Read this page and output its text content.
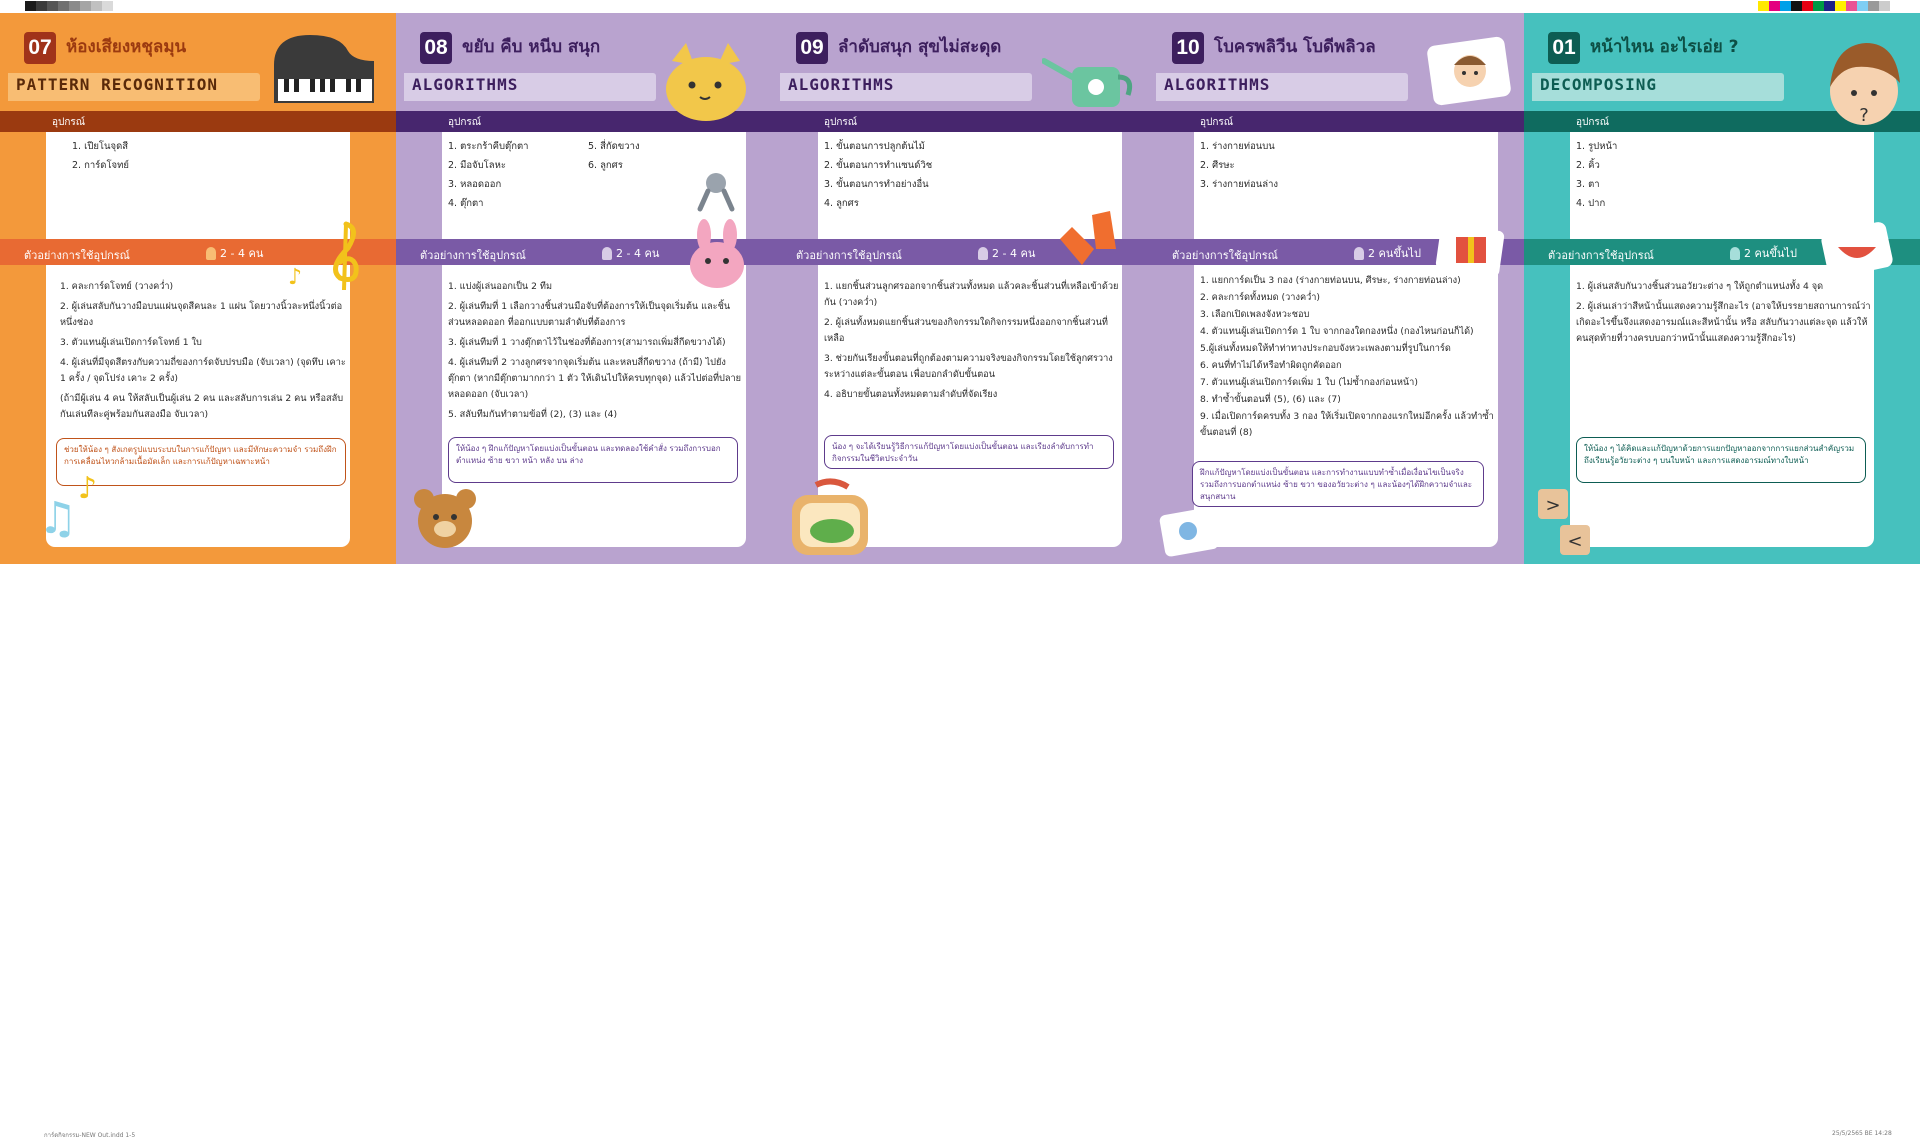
07 ห้องเสียงหชุลมุน
PATTERN RECOGNITION
อุปกรณ์
1. เปียโนจุดสี
2. การ์ดโจทย์
ตัวอย่างการใช้อุปกรณ์	2 - 4 คน
1. คละการ์ดโจทย์ (วางคว่ำ)
2. ผู้เล่นสลับกันวางมือบนแผ่นจุดสีคนละ 1 แผ่น โดยวางนิ้วละหนึ่งนิ้วต่อหนึ่งช่อง
3. ตัวแทนผู้เล่นเปิดการ์ดโจทย์ 1 ใบ
4. ผู้เล่นที่มีจุดสีตรงกับความถี่ของการ์ดจับปรบมือ (จับเวลา) (จุดทึบ เคาะ 1 ครั้ง / จุดโปร่ง เคาะ 2 ครั้ง)
(ถ้ามีผู้เล่น 4 คน ให้สลับเป็นผู้เล่น 2 คน และสลับการเล่น 2 คน หรือสลับกันเล่นทีละคู่พร้อมกันสองมือ จับเวลา)
ช่วยให้น้อง ๆ สังเกตรูปแบบระบบในการแก้ปัญหา และมีทักษะความจำ รวมถึงฝึกการเคลื่อนไหวกล้ามเนื้อมัดเล็ก และการแก้ปัญหาเฉพาะหน้า
♪
♫
♪
08 ขยับ คืบ หนีบ สนุก
ALGORITHMS
อุปกรณ์
1. ตระกร้าคีบตุ๊กตา
2. มือจับโลหะ
3. หลอดออก
4. ตุ๊กตา
5. สี่กัดขวาง
6. ลูกศร
ตัวอย่างการใช้อุปกรณ์	2 - 4 คน
1. แบ่งผู้เล่นออกเป็น 2 ทีม
2. ผู้เล่นทีมที่ 1 เลือกวางชิ้นส่วนมือจับที่ต้องการให้เป็นจุดเริ่มต้น และชิ้นส่วนหลอดออก ที่ออกแบบตามลำดับที่ต้องการ
3. ผู้เล่นทีมที่ 1 วางตุ๊กตาไว้ในช่องที่ต้องการ(สามารถเพิ่มสี่กีดขวางได้)
4. ผู้เล่นทีมที่ 2 วางลูกศรจากจุดเริ่มต้น และหลบสี่กีดขวาง (ถ้ามี) ไปยังตุ๊กตา (หากมีตุ๊กตามากกว่า 1 ตัว ให้เดินไปให้ครบทุกจุด) แล้วไปต่อที่ปลายหลอดออก (จับเวลา)
5. สลับทีมกันทำตามข้อที่ (2), (3) และ (4)
ให้น้อง ๆ ฝึกแก้ปัญหาโดยแบ่งเป็นขั้นตอน และทดลองใช้คำสั่ง รวมถึงการบอกตำแหน่ง ซ้าย ขวา หน้า หลัง บน ล่าง
09 ลำดับสนุก สุขไม่สะดุด
ALGORITHMS
อุปกรณ์
1. ขั้นตอนการปลูกต้นไม้
2. ขั้นตอนการทำแซนด์วิช
3. ขั้นตอนการทำอย่างอื่น
4. ลูกศร
ตัวอย่างการใช้อุปกรณ์	2 - 4 คน
1. แยกชิ้นส่วนลูกศรออกจากชิ้นส่วนทั้งหมด แล้วคละชิ้นส่วนที่เหลือเข้าด้วยกัน (วางคว่ำ)
2. ผู้เล่นทั้งหมดแยกชิ้นส่วนของกิจกรรมใดกิจกรรมหนึ่งออกจากชิ้นส่วนที่เหลือ
3. ช่วยกันเรียงขั้นตอนที่ถูกต้องตามความจริงของกิจกรรมโดยใช้ลูกศรวางระหว่างแต่ละขั้นตอน เพื่อบอกลำดับขั้นตอน
4. อธิบายขั้นตอนทั้งหมดตามลำดับที่จัดเรียง
น้อง ๆ จะได้เรียนรู้วิธีการแก้ปัญหาโดยแบ่งเป็นขั้นตอน และเรียงลำดับการทำกิจกรรมในชีวิตประจำวัน
10 โบครพลิวีน โบดีพลิวล
ALGORITHMS
อุปกรณ์
1. ร่างกายท่อนบน
2. ศีรษะ
3. ร่างกายท่อนล่าง
ตัวอย่างการใช้อุปกรณ์	2 คนขึ้นไป
1. แยกการ์ดเป็น 3 กอง (ร่างกายท่อนบน, ศีรษะ, ร่างกายท่อนล่าง)
2. คละการ์ดทั้งหมด (วางคว่ำ)
3. เลือกเปิดเพลงจังหวะชอบ
4. ตัวแทนผู้เล่นเปิดการ์ด 1 ใบ จากกองใดกองหนึ่ง (กองไหนก่อนก็ได้)
5.ผู้เล่นทั้งหมดให้ทำท่าทางประกอบจังหวะเพลงตามที่รูปในการ์ด
6. คนที่ทำไม่ได้หรือทำผิดถูกคัดออก
7. ตัวแทนผู้เล่นเปิดการ์ดเพิ่ม 1 ใบ (ไม่ซ้ำกองก่อนหน้า)
8. ทำซ้ำขั้นตอนที่ (5), (6) และ (7)
9. เมื่อเปิดการ์ดครบทั้ง 3 กอง ให้เริ่มเปิดจากกองแรกใหม่อีกครั้ง แล้วทำซ้ำขั้นตอนที่ (8)
ฝึกแก้ปัญหาโดยแบ่งเป็นขั้นตอน และการทำงานแบบทำซ้ำเมื่อเงื่อนไขเป็นจริง รวมถึงการบอกตำแหน่ง ซ้าย ขวา ของอวัยวะต่าง ๆ และน้องๆได้ฝึกความจำและสนุกสนาน
01 หน้าไหน อะไรเอ่ย ?
DECOMPOSING
อุปกรณ์
1. รูปหน้า
2. คิ้ว
3. ตา
4. ปาก
ตัวอย่างการใช้อุปกรณ์	2 คนขึ้นไป
1. ผู้เล่นสลับกันวางชิ้นส่วนอวัยวะต่าง ๆ ให้ถูกตำแหน่งทั้ง 4 จุด
2. ผู้เล่นเล่าว่าสีหน้านั้นแสดงความรู้สึกอะไร (อาจให้บรรยายสถานการณ์ว่าเกิดอะไรขึ้นจึงแสดงอารมณ์และสีหน้านั้น หรือ สลับกันวางแต่ละจุด แล้วให้คนสุดท้ายที่วางครบบอกว่าหน้านั้นแสดงความรู้สึกอะไร)
ให้น้อง ๆ ได้คิดและแก้ปัญหาด้วยการแยกปัญหาออกจากการแยกส่วนสำคัญรวมถึงเรียนรู้อวัยวะต่าง ๆ บนใบหน้า และการแสดงอารมณ์ทางใบหน้า
?
>
<
การ์ดกิจกรรม-NEW Out.indd 1-5	25/5/2565 BE 14:28
